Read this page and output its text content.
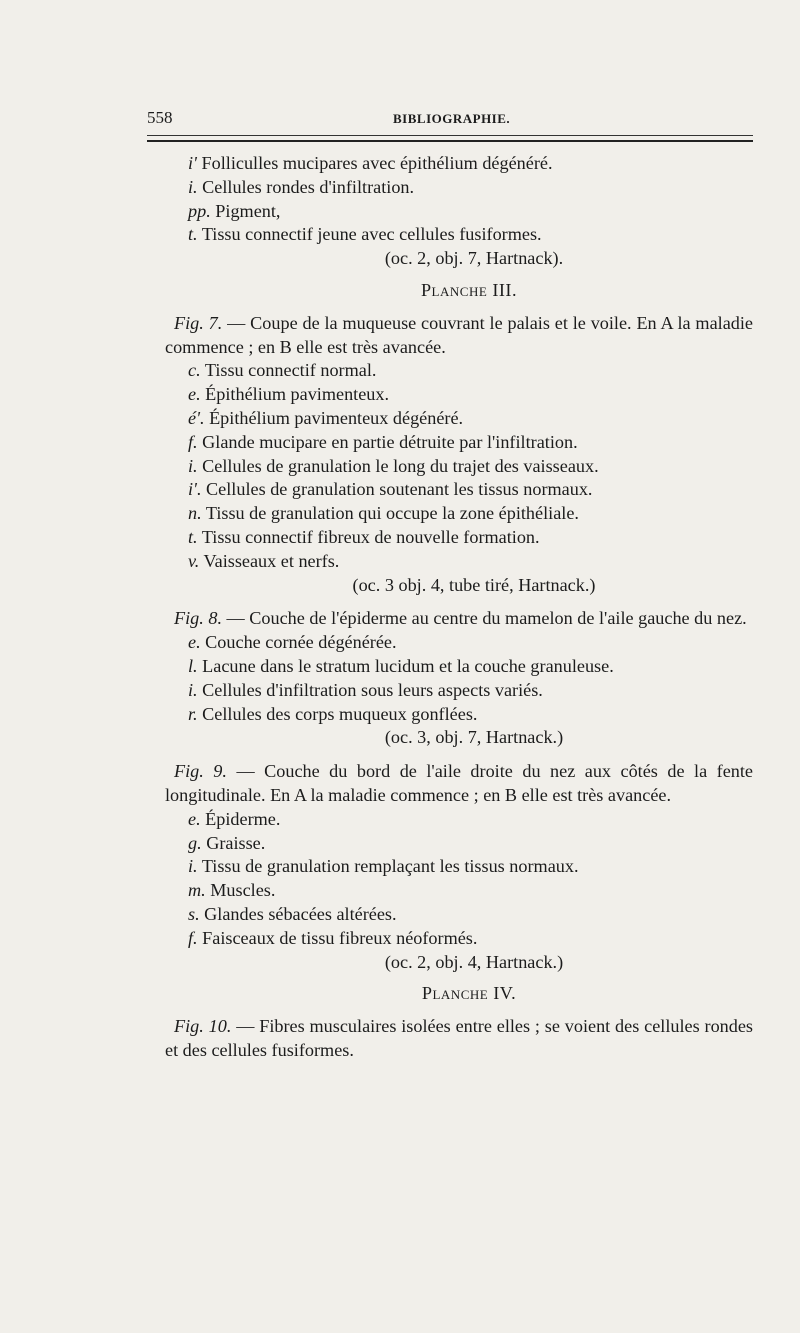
558	BIBLIOGRAPHIE.
i' Folliculles mucipares avec épithélium dégénéré.
i. Cellules rondes d'infiltration.
pp. Pigment,
t. Tissu connectif jeune avec cellules fusiformes.
(oc. 2, obj. 7, Hartnack).
Planche III.
Fig. 7. — Coupe de la muqueuse couvrant le palais et le voile. En A la maladie commence ; en B elle est très avancée.
c. Tissu connectif normal.
e. Épithélium pavimenteux.
é'. Épithélium pavimenteux dégénéré.
f. Glande mucipare en partie détruite par l'infiltration.
i. Cellules de granulation le long du trajet des vaisseaux.
i'. Cellules de granulation soutenant les tissus normaux.
n. Tissu de granulation qui occupe la zone épithéliale.
t. Tissu connectif fibreux de nouvelle formation.
v. Vaisseaux et nerfs.
(oc. 3 obj. 4, tube tiré, Hartnack.)
Fig. 8. — Couche de l'épiderme au centre du mamelon de l'aile gauche du nez.
e. Couche cornée dégénérée.
l. Lacune dans le stratum lucidum et la couche granuleuse.
i. Cellules d'infiltration sous leurs aspects variés.
r. Cellules des corps muqueux gonflées.
(oc. 3, obj. 7, Hartnack.)
Fig. 9. — Couche du bord de l'aile droite du nez aux côtés de la fente longitudinale. En A la maladie commence ; en B elle est très avancée.
e. Épiderme.
g. Graisse.
i. Tissu de granulation remplaçant les tissus normaux.
m. Muscles.
s. Glandes sébacées altérées.
f. Faisceaux de tissu fibreux néoformés.
(oc. 2, obj. 4, Hartnack.)
Planche IV.
Fig. 10. — Fibres musculaires isolées entre elles ; se voient des cellules rondes et des cellules fusiformes.
